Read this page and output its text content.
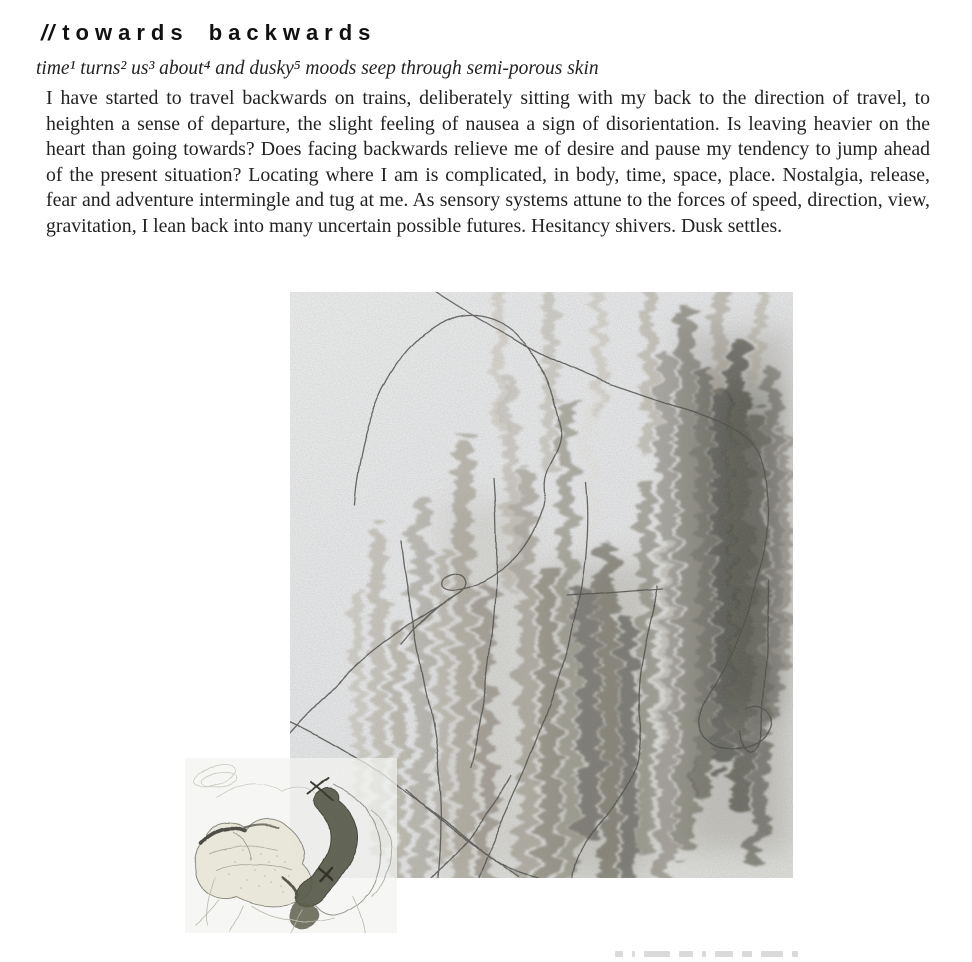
// towards backwards
time¹ turns² us³ about⁴ and dusky⁵ moods seep through semi-porous skin
I have started to travel backwards on trains, deliberately sitting with my back to the direction of travel, to heighten a sense of departure, the slight feeling of nausea a sign of disorientation. Is leaving heavier on the heart than going towards? Does facing backwards relieve me of desire and pause my tendency to jump ahead of the present situation? Locating where I am is complicated, in body, time, space, place. Nostalgia, release, fear and adventure intermingle and tug at me. As sensory systems attune to the forces of speed, direction, view, gravitation, I lean back into many uncertain possible futures. Hesitancy shivers. Dusk settles.
